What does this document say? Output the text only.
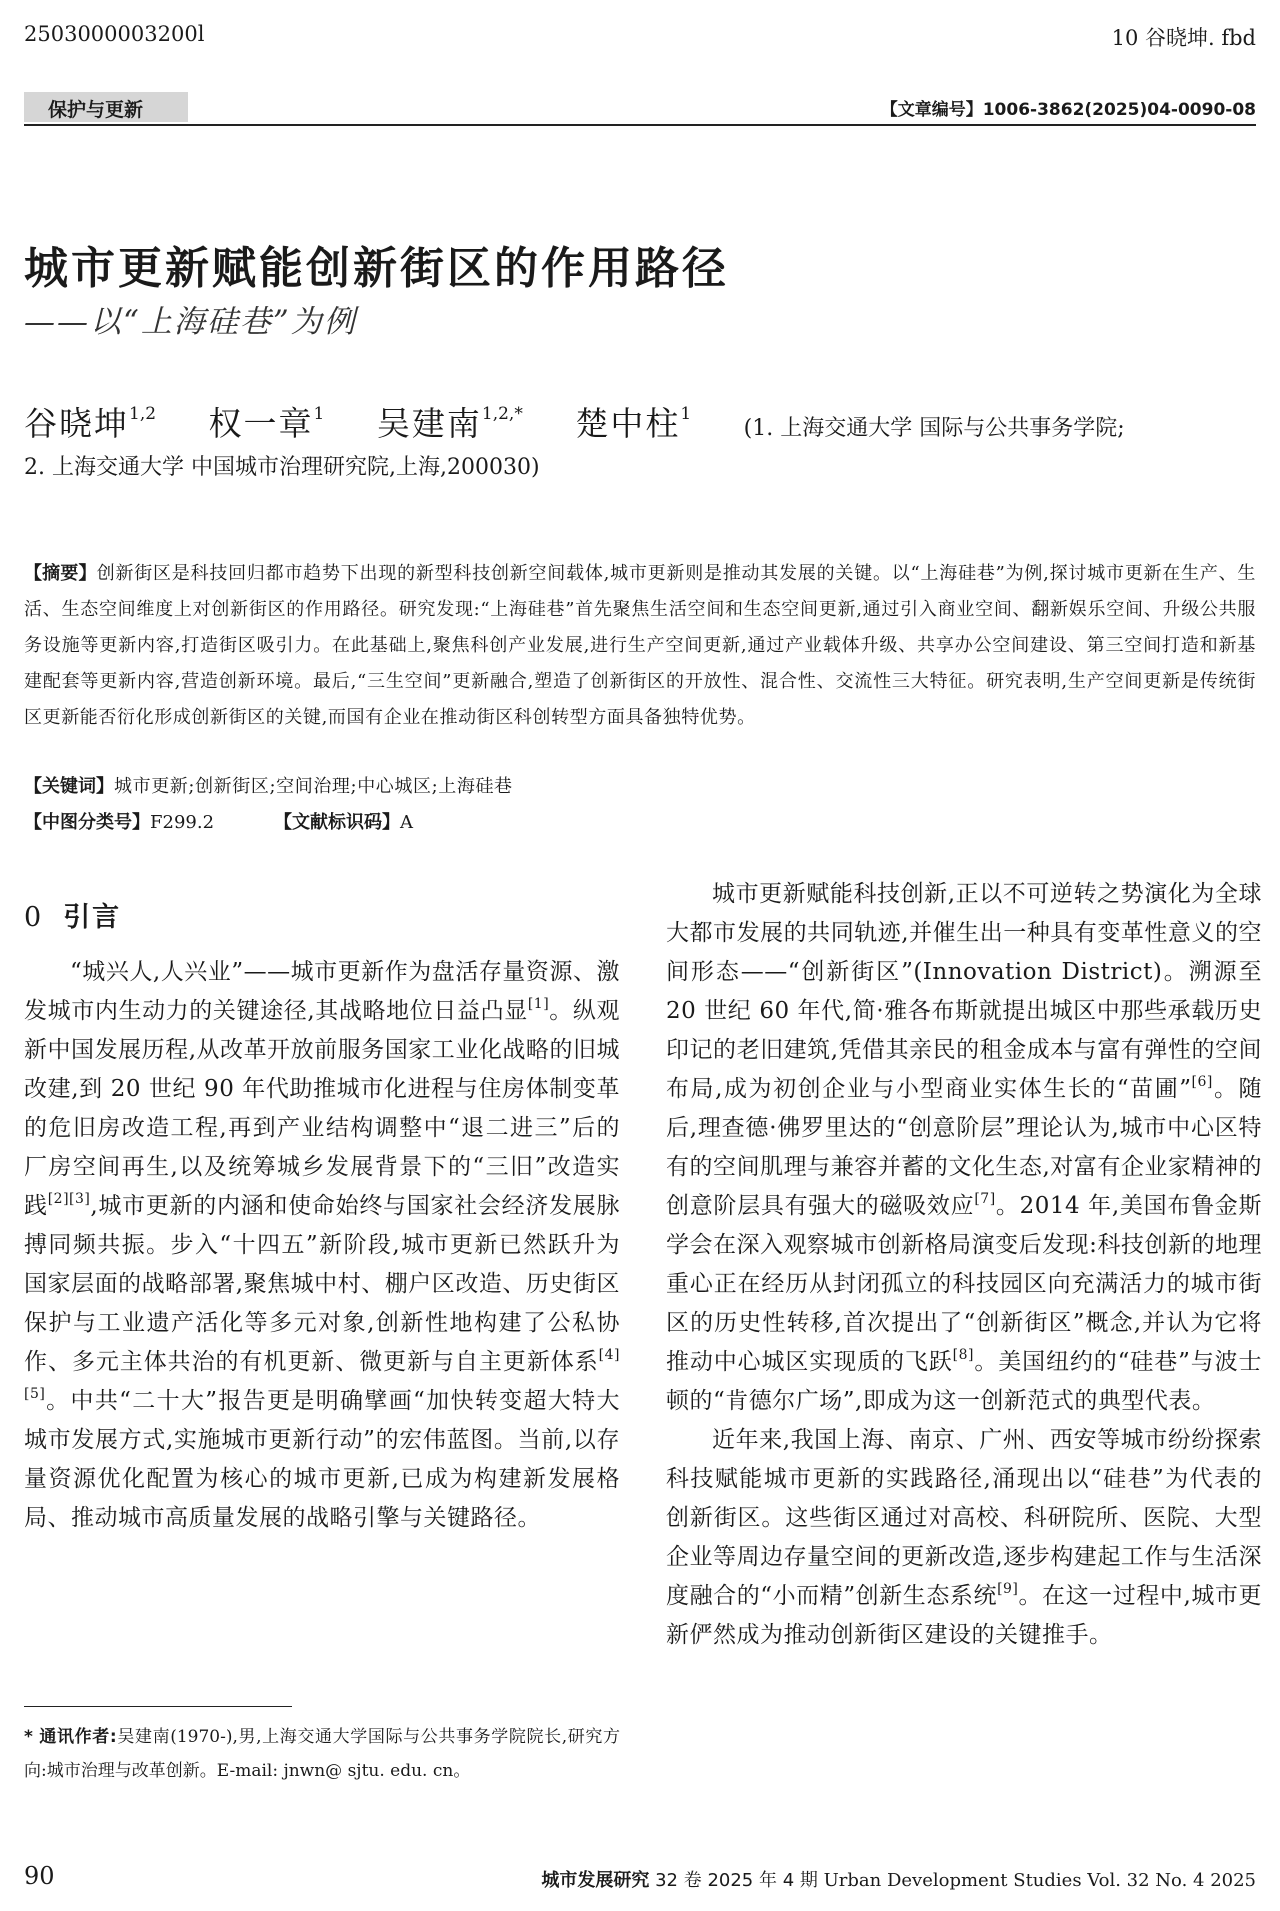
2503000003200l	10 谷晓坤. fbd
保护与更新	【文章编号】1006-3862(2025)04-0090-08
城市更新赋能创新街区的作用路径
——以“上海硅巷”为例
谷晓坤$^{1,2}$ 权一章$^1$ 吴建南$^{1,2,*}$ 楚中柱$^1$ (1. 上海交通大学 国际与公共事务学院;
2. 上海交通大学 中国城市治理研究院,上海,200030)
【摘要】创新街区是科技回归都市趋势下出现的新型科技创新空间载体,城市更新则是推动其发展的关键。以“上海硅巷”为例,探讨城市更新在生产、生活、生态空间维度上对创新街区的作用路径。研究发现:“上海硅巷”首先聚焦生活空间和生态空间更新,通过引入商业空间、翻新娱乐空间、升级公共服务设施等更新内容,打造街区吸引力。在此基础上,聚焦科创产业发展,进行生产空间更新,通过产业载体升级、共享办公空间建设、第三空间打造和新基建配套等更新内容,营造创新环境。最后,“三生空间”更新融合,塑造了创新街区的开放性、混合性、交流性三大特征。研究表明,生产空间更新是传统街区更新能否衍化形成创新街区的关键,而国有企业在推动街区科创转型方面具备独特优势。
【关键词】城市更新;创新街区;空间治理;中心城区;上海硅巷
【中图分类号】F299.2	【文献标识码】A
0 引言

“城兴人,人兴业”——城市更新作为盘活存量资源、激发城市内生动力的关键途径,其战略地位日益凸显[1]。纵观新中国发展历程,从改革开放前服务国家工业化战略的旧城改建,到 20 世纪 90 年代助推城市化进程与住房体制变革的危旧房改造工程,再到产业结构调整中“退二进三”后的厂房空间再生,以及统筹城乡发展背景下的“三旧”改造实践[2][3],城市更新的内涵和使命始终与国家社会经济发展脉搏同频共振。步入“十四五”新阶段,城市更新已然跃升为国家层面的战略部署,聚焦城中村、棚户区改造、历史街区保护与工业遗产活化等多元对象,创新性地构建了公私协作、多元主体共治的有机更新、微更新与自主更新体系[4][5]。中共“二十大”报告更是明确擘画“加快转变超大特大城市发展方式,实施城市更新行动”的宏伟蓝图。当前,以存量资源优化配置为核心的城市更新,已成为构建新发展格局、推动城市高质量发展的战略引擎与关键路径。

* 通讯作者:吴建南(1970-),男,上海交通大学国际与公共事务学院院长,研究方向:城市治理与改革创新。E-mail: jnwn@ sjtu. edu. cn。

城市更新赋能科技创新,正以不可逆转之势演化为全球大都市发展的共同轨迹,并催生出一种具有变革性意义的空间形态——“创新街区”(Innovation District)。溯源至 20 世纪 60 年代,简·雅各布斯就提出城区中那些承载历史印记的老旧建筑,凭借其亲民的租金成本与富有弹性的空间布局,成为初创企业与小型商业实体生长的“苗圃”[6]。随后,理查德·佛罗里达的“创意阶层”理论认为,城市中心区特有的空间肌理与兼容并蓄的文化生态,对富有企业家精神的创意阶层具有强大的磁吸效应[7]。2014 年,美国布鲁金斯学会在深入观察城市创新格局演变后发现:科技创新的地理重心正在经历从封闭孤立的科技园区向充满活力的城市街区的历史性转移,首次提出了“创新街区”概念,并认为它将推动中心城区实现质的飞跃[8]。美国纽约的“硅巷”与波士顿的“肯德尔广场”,即成为这一创新范式的典型代表。

近年来,我国上海、南京、广州、西安等城市纷纷探索科技赋能城市更新的实践路径,涌现出以“硅巷”为代表的创新街区。这些街区通过对高校、科研院所、医院、大型企业等周边存量空间的更新改造,逐步构建起工作与生活深度融合的“小而精”创新生态系统[9]。在这一过程中,城市更新俨然成为推动创新街区建设的关键推手。

90	城市发展研究 32 卷 2025 年 4 期 Urban Development Studies Vol. 32 No. 4 2025
